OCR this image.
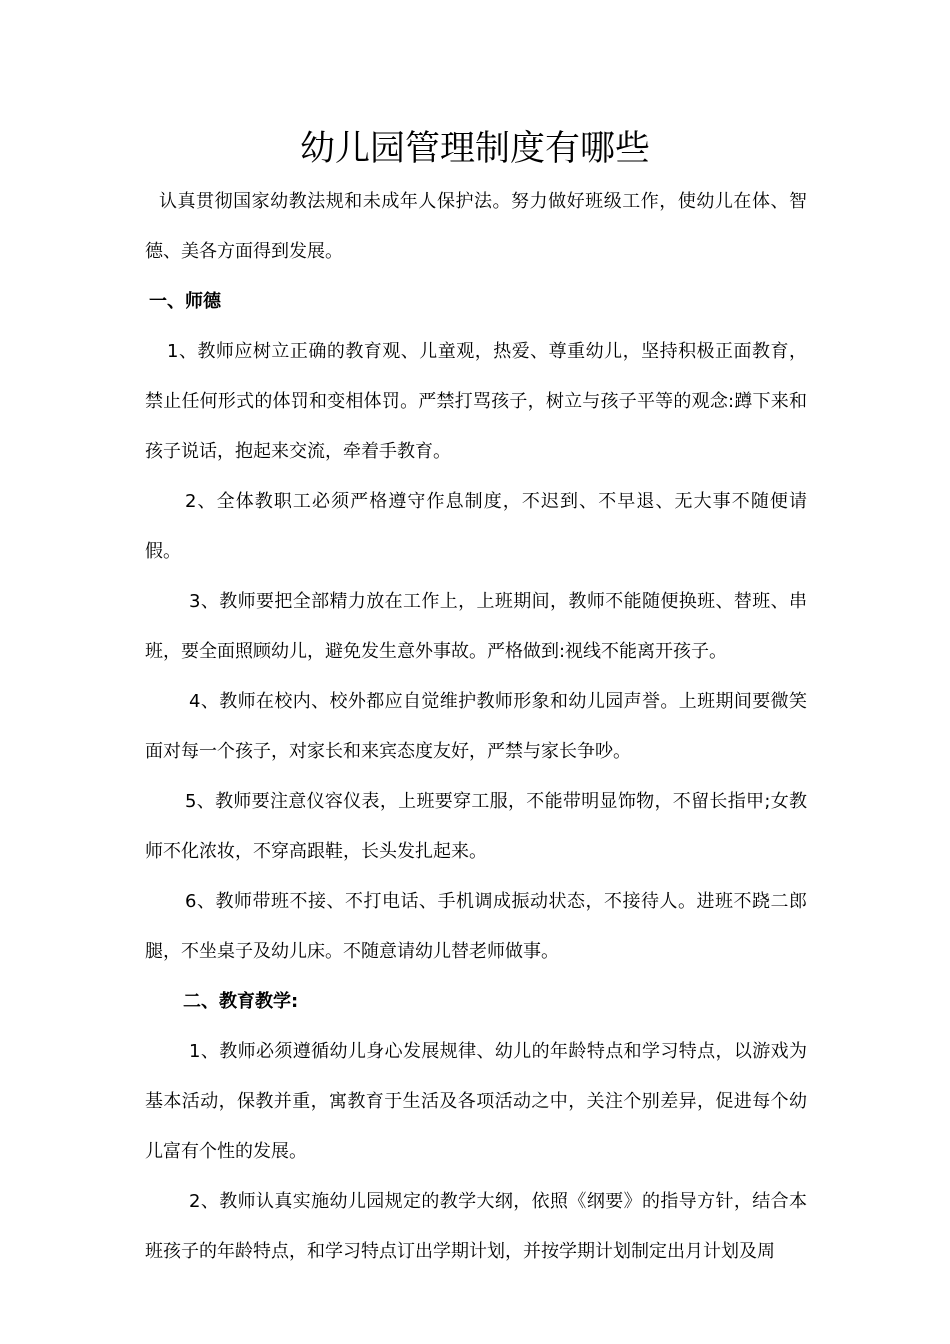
幼儿园管理制度有哪些

认真贯彻国家幼教法规和未成年人保护法。努力做好班级工作，使幼儿在体、智德、美各方面得到发展。

一、师德

1、教师应树立正确的教育观、儿童观，热爱、尊重幼儿，坚持积极正面教育，禁止任何形式的体罚和变相体罚。严禁打骂孩子，树立与孩子平等的观念:蹲下来和孩子说话，抱起来交流，牵着手教育。

2、全体教职工必须严格遵守作息制度，不迟到、不早退、无大事不随便请假。

3、教师要把全部精力放在工作上，上班期间，教师不能随便换班、替班、串班，要全面照顾幼儿，避免发生意外事故。严格做到:视线不能离开孩子。

4、教师在校内、校外都应自觉维护教师形象和幼儿园声誉。上班期间要微笑面对每一个孩子，对家长和来宾态度友好，严禁与家长争吵。

5、教师要注意仪容仪表，上班要穿工服，不能带明显饰物，不留长指甲;女教师不化浓妆，不穿高跟鞋，长头发扎起来。

6、教师带班不接、不打电话、手机调成振动状态，不接待人。进班不跷二郎腿，不坐桌子及幼儿床。不随意请幼儿替老师做事。

二、教育教学:

1、教师必须遵循幼儿身心发展规律、幼儿的年龄特点和学习特点，以游戏为基本活动，保教并重，寓教育于生活及各项活动之中，关注个别差异，促进每个幼儿富有个性的发展。

2、教师认真实施幼儿园规定的教学大纲，依照《纲要》的指导方针，结合本班孩子的年龄特点，和学习特点订出学期计划，并按学期计划制定出月计划及周
